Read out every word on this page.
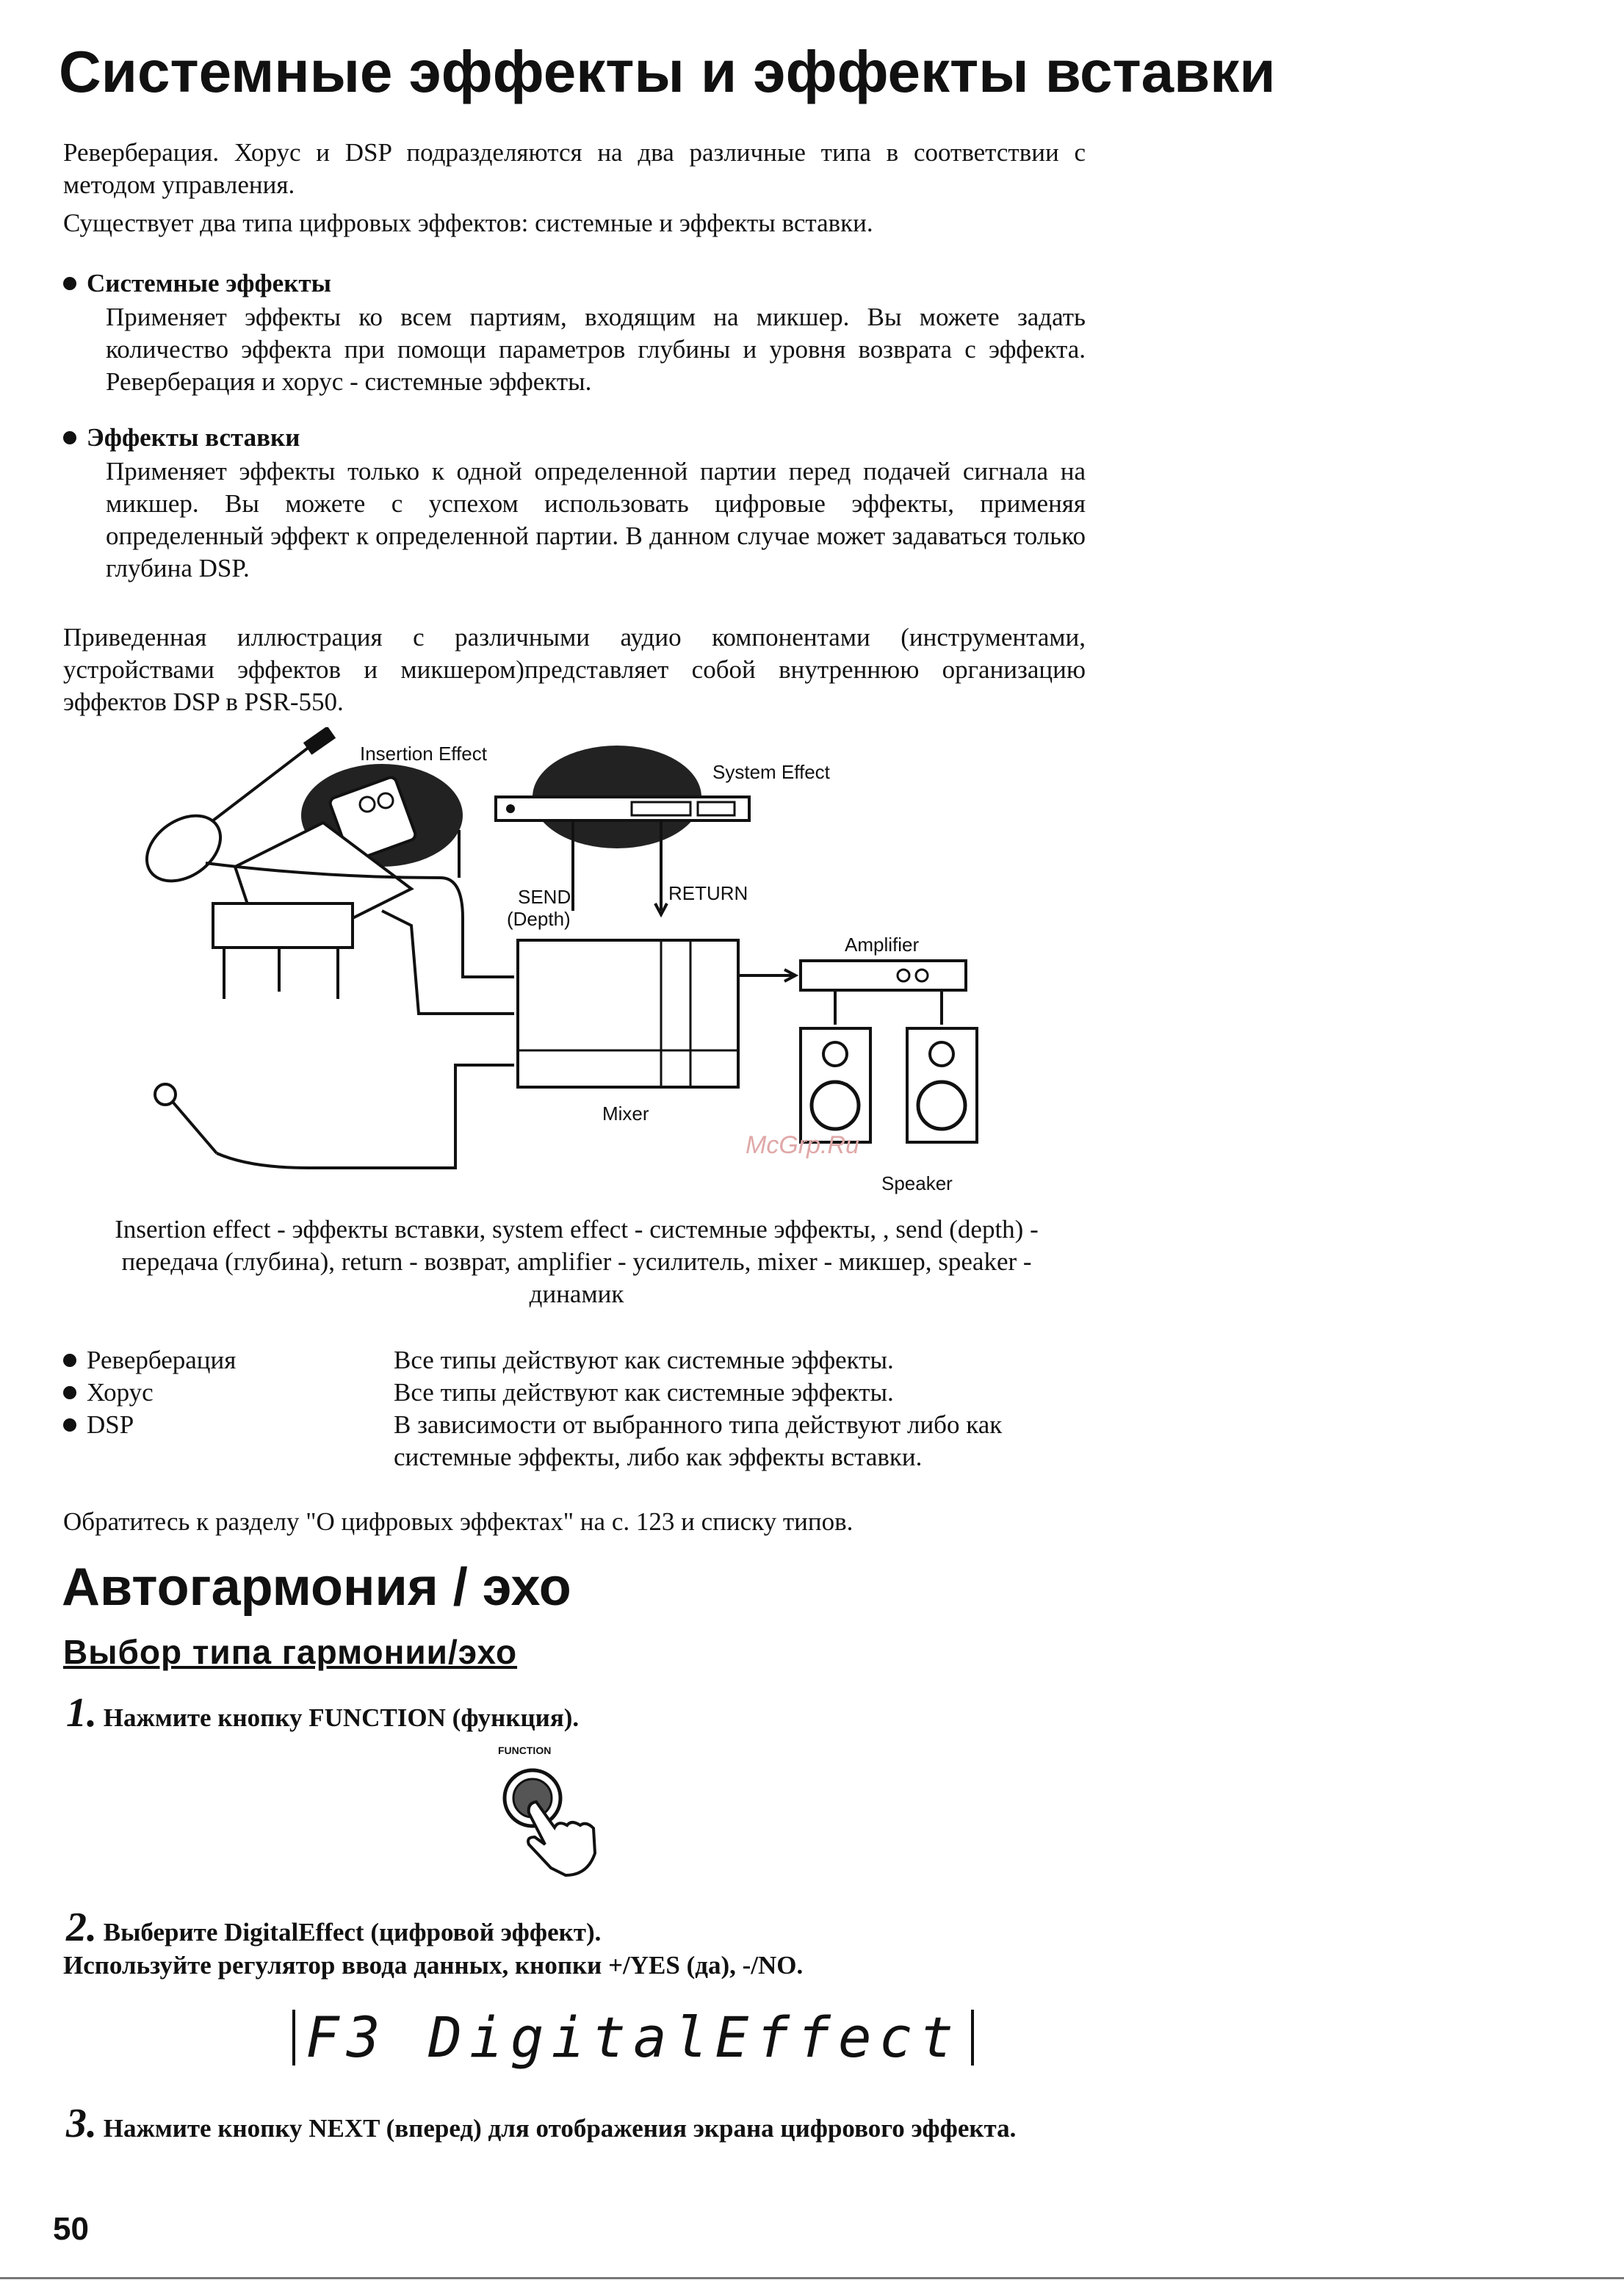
Системные эффекты и эффекты вставки
Реверберация. Хорус и DSP подразделяются на два различные типа в соответствии с методом управления.
Существует два типа цифровых эффектов: системные и эффекты вставки.
Системные эффекты
Применяет эффекты ко всем партиям, входящим на микшер. Вы можете задать количество эффекта при помощи параметров глубины и уровня возврата с эффекта. Реверберация и хорус - системные эффекты.
Эффекты вставки
Применяет эффекты только к одной определенной партии перед подачей сигнала на микшер. Вы можете с успехом использовать цифровые эффекты, применяя определенный эффект к определенной партии. В данном случае может задаваться только глубина DSP.
Приведенная иллюстрация с различными аудио компонентами (инструментами, устройствами эффектов и микшером)представляет собой внутреннюю организацию эффектов DSP в PSR-550.
Insertion Effect
System Effect
SEND
(Depth)
RETURN
Mixer
Amplifier
Speaker
McGrp.Ru
Insertion effect - эффекты вставки, system effect - системные эффекты, , send (depth) - передача (глубина), return - возврат, amplifier - усилитель, mixer - микшер, speaker - динамик
Реверберация	Все типы действуют как системные эффекты.
Хорус	Все типы действуют как системные эффекты.
DSP	В зависимости от выбранного типа действуют либо как системные эффекты, либо как эффекты вставки.
Обратитесь к разделу "О цифровых эффектах" на с. 123 и списку типов.
Автогармония / эхо
Выбор типа гармонии/эхо
1. Нажмите кнопку FUNCTION (функция).
FUNCTION
2. Выберите DigitalEffect (цифровой эффект).
Используйте регулятор ввода данных, кнопки +/YES (да), -/NO.
F3 DigitalEffect
3. Нажмите кнопку NEXT (вперед) для отображения экрана цифрового эффекта.
50
